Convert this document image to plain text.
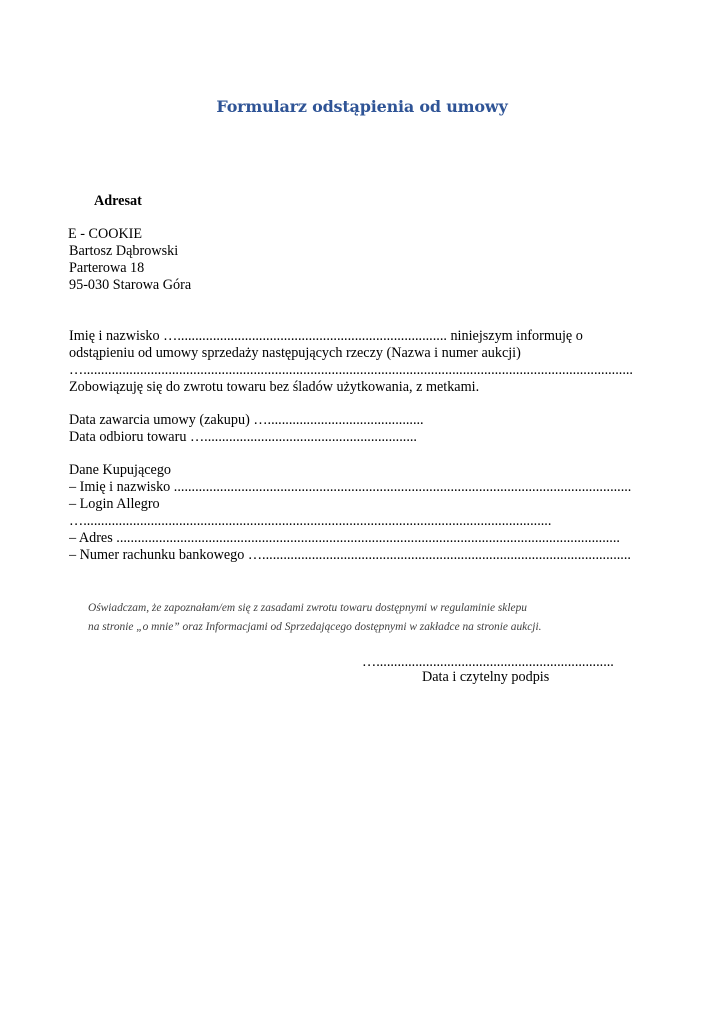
Formularz odstąpienia od umowy
Adresat
E - COOKIE
Bartosz Dąbrowski
Parterowa 18
95-030 Starowa Góra
Imię i nazwisko …............................................................................ niniejszym informuję o
odstąpieniu od umowy sprzedaży następujących rzeczy (Nazwa i numer aukcji)
…...........................................................................................................................................................
Zobowiązuję się do zwrotu towaru bez śladów użytkowania, z metkami.
Data zawarcia umowy (zakupu) …............................................
Data odbioru towaru …............................................................
Dane Kupującego
– Imię i nazwisko .................................................................................................................................
– Login Allegro
…....................................................................................................................................
– Adres ..............................................................................................................................................
– Numer rachunku bankowego …........................................................................................................
Oświadczam, że zapoznałam/em się z zasadami zwrotu towaru dostępnymi w regulaminie sklepu
na stronie „o mnie” oraz Informacjami od Sprzedającego dostępnymi w zakładce na stronie aukcji.
…...................................................................
Data i czytelny podpis
